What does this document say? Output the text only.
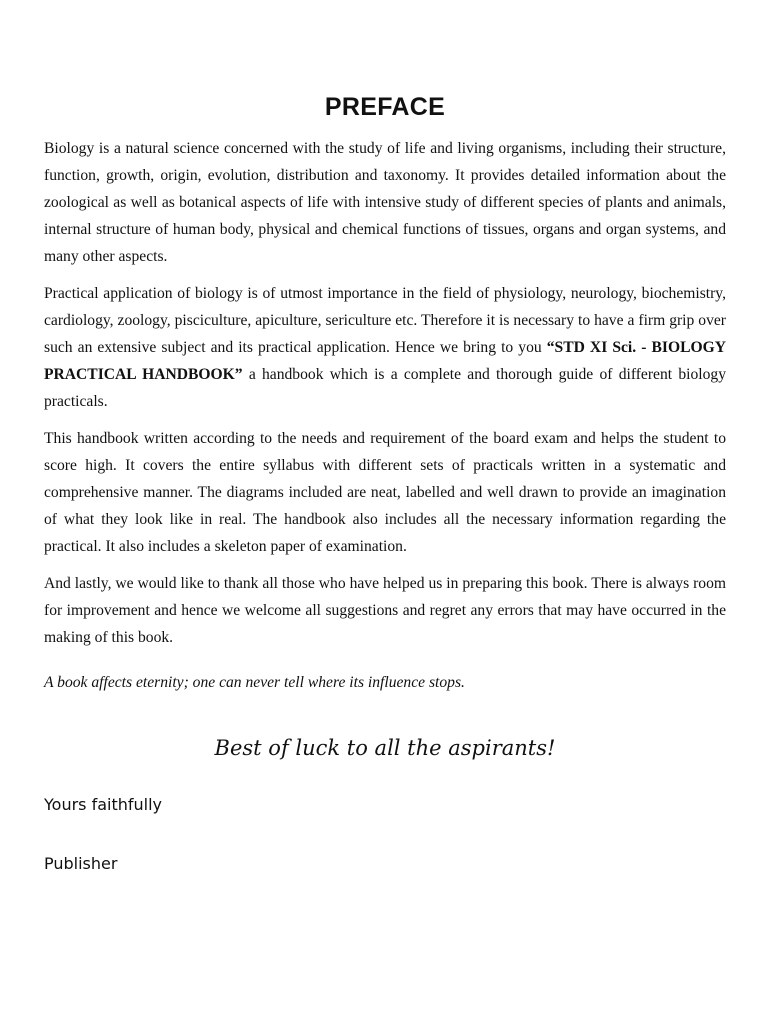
PREFACE

Biology is a natural science concerned with the study of life and living organisms, including their structure, function, growth, origin, evolution, distribution and taxonomy. It provides detailed information about the zoological as well as botanical aspects of life with intensive study of different species of plants and animals, internal structure of human body, physical and chemical functions of tissues, organs and organ systems, and many other aspects.

Practical application of biology is of utmost importance in the field of physiology, neurology, biochemistry, cardiology, zoology, pisciculture, apiculture, sericulture etc. Therefore it is necessary to have a firm grip over such an extensive subject and its practical application. Hence we bring to you “STD XI Sci. - BIOLOGY PRACTICAL HANDBOOK” a handbook which is a complete and thorough guide of different biology practicals.

This handbook written according to the needs and requirement of the board exam and helps the student to score high. It covers the entire syllabus with different sets of practicals written in a systematic and comprehensive manner. The diagrams included are neat, labelled and well drawn to provide an imagination of what they look like in real. The handbook also includes all the necessary information regarding the practical. It also includes a skeleton paper of examination.

And lastly, we would like to thank all those who have helped us in preparing this book. There is always room for improvement and hence we welcome all suggestions and regret any errors that may have occurred in the making of this book.

A book affects eternity; one can never tell where its influence stops.

Best of luck to all the aspirants!

Yours faithfully

Publisher
